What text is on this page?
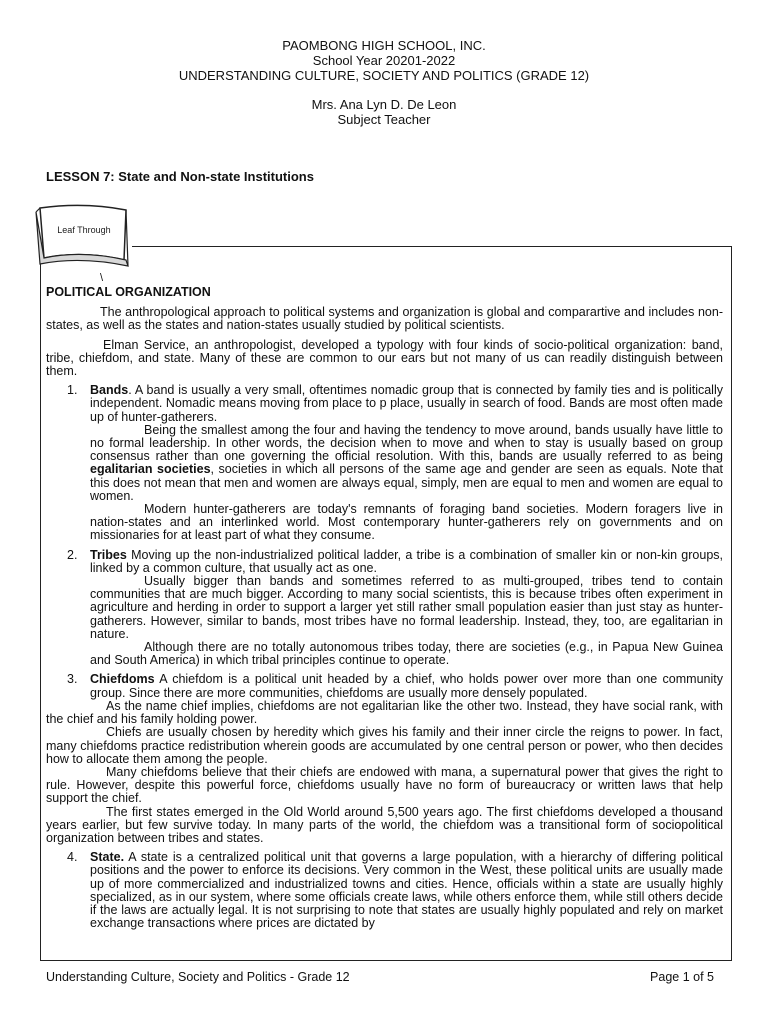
PAOMBONG HIGH SCHOOL, INC.
School Year 20201-2022
UNDERSTANDING CULTURE, SOCIETY AND POLITICS (GRADE 12)
Mrs. Ana Lyn D. De Leon
Subject Teacher
LESSON 7: State and Non-state Institutions
Leaf Through
\
POLITICAL ORGANIZATION

The anthropological approach to political systems and organization is global and comparartive and includes non-states, as well as the states and nation-states usually studied by political scientists.

Elman Service, an anthropologist, developed a typology with four kinds of socio-political organization: band, tribe, chiefdom, and state. Many of these are common to our ears but not many of us can readily distinguish between them.

1. Bands. A band is usually a very small, oftentimes nomadic group that is connected by family ties and is politically independent. Nomadic means moving from place to p place, usually in search of food. Bands are most often made up of hunter-gatherers.

Being the smallest among the four and having the tendency to move around, bands usually have little to no formal leadership. In other words, the decision when to move and when to stay is usually based on group consensus rather than one governing the official resolution. With this, bands are usually referred to as being egalitarian societies, societies in which all persons of the same age and gender are seen as equals. Note that this does not mean that men and women are always equal, simply, men are equal to men and women are equal to women.

Modern hunter-gatherers are today's remnants of foraging band societies. Modern foragers live in nation-states and an interlinked world. Most contemporary hunter-gatherers rely on governments and on missionaries for at least part of what they consume.

2. Tribes Moving up the non-industrialized political ladder, a tribe is a combination of smaller kin or non-kin groups, linked by a common culture, that usually act as one.

Usually bigger than bands and sometimes referred to as multi-grouped, tribes tend to contain communities that are much bigger. According to many social scientists, this is because tribes often experiment in agriculture and herding in order to support a larger yet still rather small population easier than just stay as hunter-gatherers. However, similar to bands, most tribes have no formal leadership. Instead, they, too, are egalitarian in nature.

Although there are no totally autonomous tribes today, there are societies (e.g., in Papua New Guinea and South America) in which tribal principles continue to operate.

3. Chiefdoms A chiefdom is a political unit headed by a chief, who holds power over more than one community group. Since there are more communities, chiefdoms are usually more densely populated.

As the name chief implies, chiefdoms are not egalitarian like the other two. Instead, they have social rank, with the chief and his family holding power.

Chiefs are usually chosen by heredity which gives his family and their inner circle the reigns to power. In fact, many chiefdoms practice redistribution wherein goods are accumulated by one central person or power, who then decides how to allocate them among the people.

Many chiefdoms believe that their chiefs are endowed with mana, a supernatural power that gives the right to rule. However, despite this powerful force, chiefdoms usually have no form of bureaucracy or written laws that help support the chief.

The first states emerged in the Old World around 5,500 years ago. The first chiefdoms developed a thousand years earlier, but few survive today. In many parts of the world, the chiefdom was a transitional form of sociopolitical organization between tribes and states.

4. State. A state is a centralized political unit that governs a large population, with a hierarchy of differing political positions and the power to enforce its decisions. Very common in the West, these political units are usually made up of more commercialized and industrialized towns and cities. Hence, officials within a state are usually highly specialized, as in our system, where some officials create laws, while others enforce them, while still others decide if the laws are actually legal. It is not surprising to note that states are usually highly populated and rely on market exchange transactions where prices are dictated by

Understanding Culture, Society and Politics - Grade 12	Page 1 of 5
